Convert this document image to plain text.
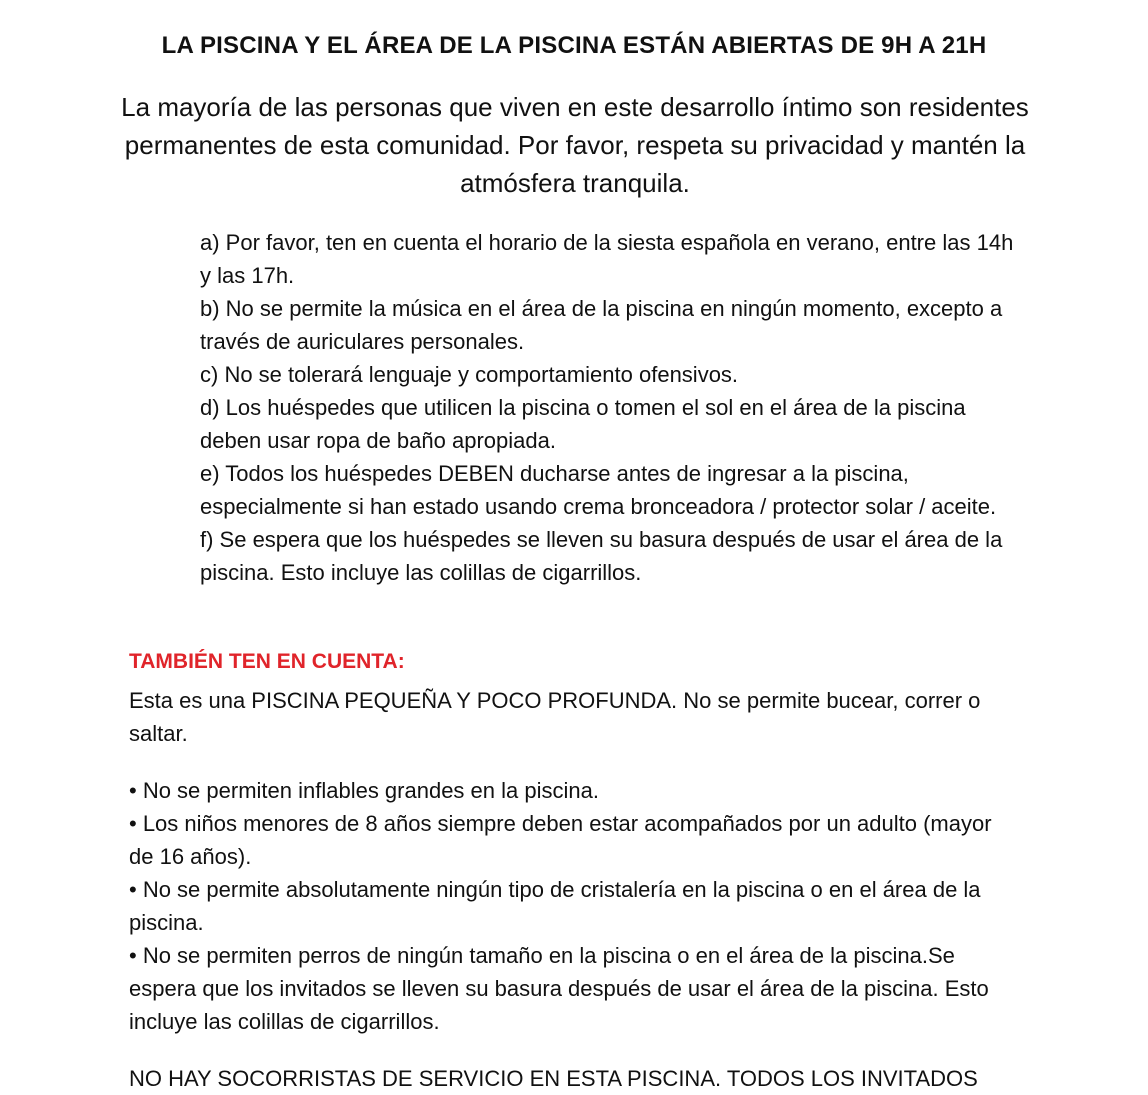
LA PISCINA Y EL ÁREA DE LA PISCINA ESTÁN ABIERTAS DE 9H A 21H
La mayoría de las personas que viven en este desarrollo íntimo son residentes permanentes de esta comunidad. Por favor, respeta su privacidad y mantén la atmósfera tranquila.

a) Por favor, ten en cuenta el horario de la siesta española en verano, entre las 14h y las 17h.

b) No se permite la música en el área de la piscina en ningún momento, excepto a través de auriculares personales.

c) No se tolerará lenguaje y comportamiento ofensivos.

d) Los huéspedes que utilicen la piscina o tomen el sol en el área de la piscina deben usar ropa de baño apropiada.

e) Todos los huéspedes DEBEN ducharse antes de ingresar a la piscina, especialmente si han estado usando crema bronceadora / protector solar / aceite.

f) Se espera que los huéspedes se lleven su basura después de usar el área de la piscina. Esto incluye las colillas de cigarrillos.

TAMBIÉN TEN EN CUENTA:
Esta es una PISCINA PEQUEÑA Y POCO PROFUNDA. No se permite bucear, correr o saltar.

• No se permiten inflables grandes en la piscina.

• Los niños menores de 8 años siempre deben estar acompañados por un adulto (mayor de 16 años).

• No se permite absolutamente ningún tipo de cristalería en la piscina o en el área de la piscina.

• No se permiten perros de ningún tamaño en la piscina o en el área de la piscina.Se espera que los invitados se lleven su basura después de usar el área de la piscina. Esto incluye las colillas de cigarrillos.

NO HAY SOCORRISTAS DE SERVICIO EN ESTA PISCINA. TODOS LOS INVITADOS
